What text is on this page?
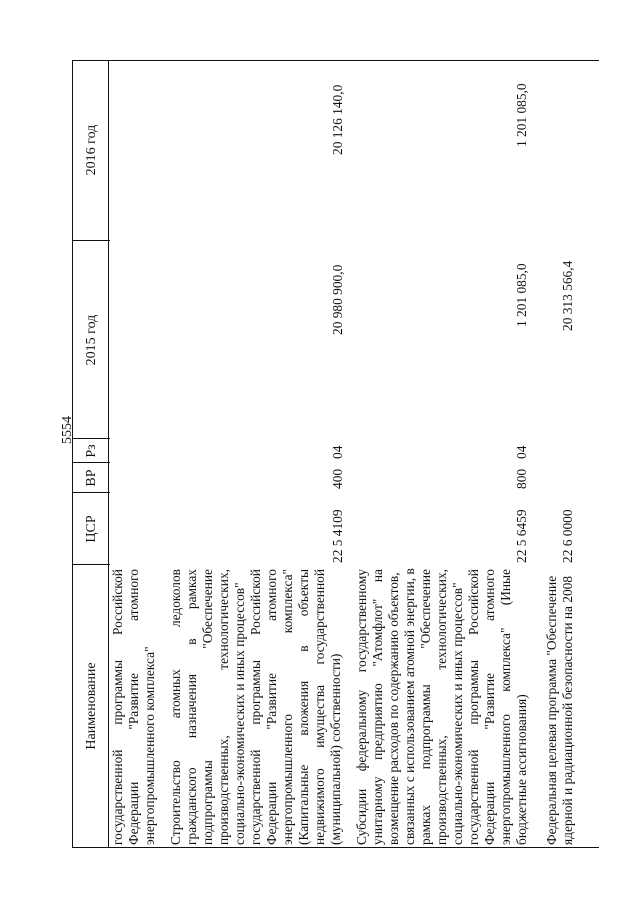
5554
Наименование
ЦСР
ВР
Рз
2015 год
2016 год
государственной
программы
Российской
Федерации
"Развитие
атомного
энергопромышленного комплекса" Строительство
атомных
ледоколов
гражданского
назначения
в
рамках
подпрограммы
"Обеспечение
производственных,
технологических, социально-экономических и иных процессов" государственной
программы
Российской
Федерации
"Развитие
атомного
энергопромышленного
комплекса"
(Капитальные
вложения
в
объекты
недвижимого
имущества
государственной
(муниципальной) собственности)
22 5 4109
400
04
20 980 900,0
20 126 140,0
Субсидии
федеральному
государственному
унитарному
предприятию
"Атомфлот"
на возмещение расходов по содержанию объектов, связанных с использованием атомной энергии, в рамках
подпрограммы
"Обеспечение
производственных,
технологических, социально-экономических и иных процессов" государственной
программы
Российской
Федерации
"Развитие
атомного
энергопромышленного
комплекса"
(Иные
бюджетные ассигнования)
22 5 6459
800
04
1 201 085,0
1 201 085,0
Федеральная целевая программа "Обеспечение ядерной и радиационной безопасности на 2008
22 6 0000
20 313 566,4
